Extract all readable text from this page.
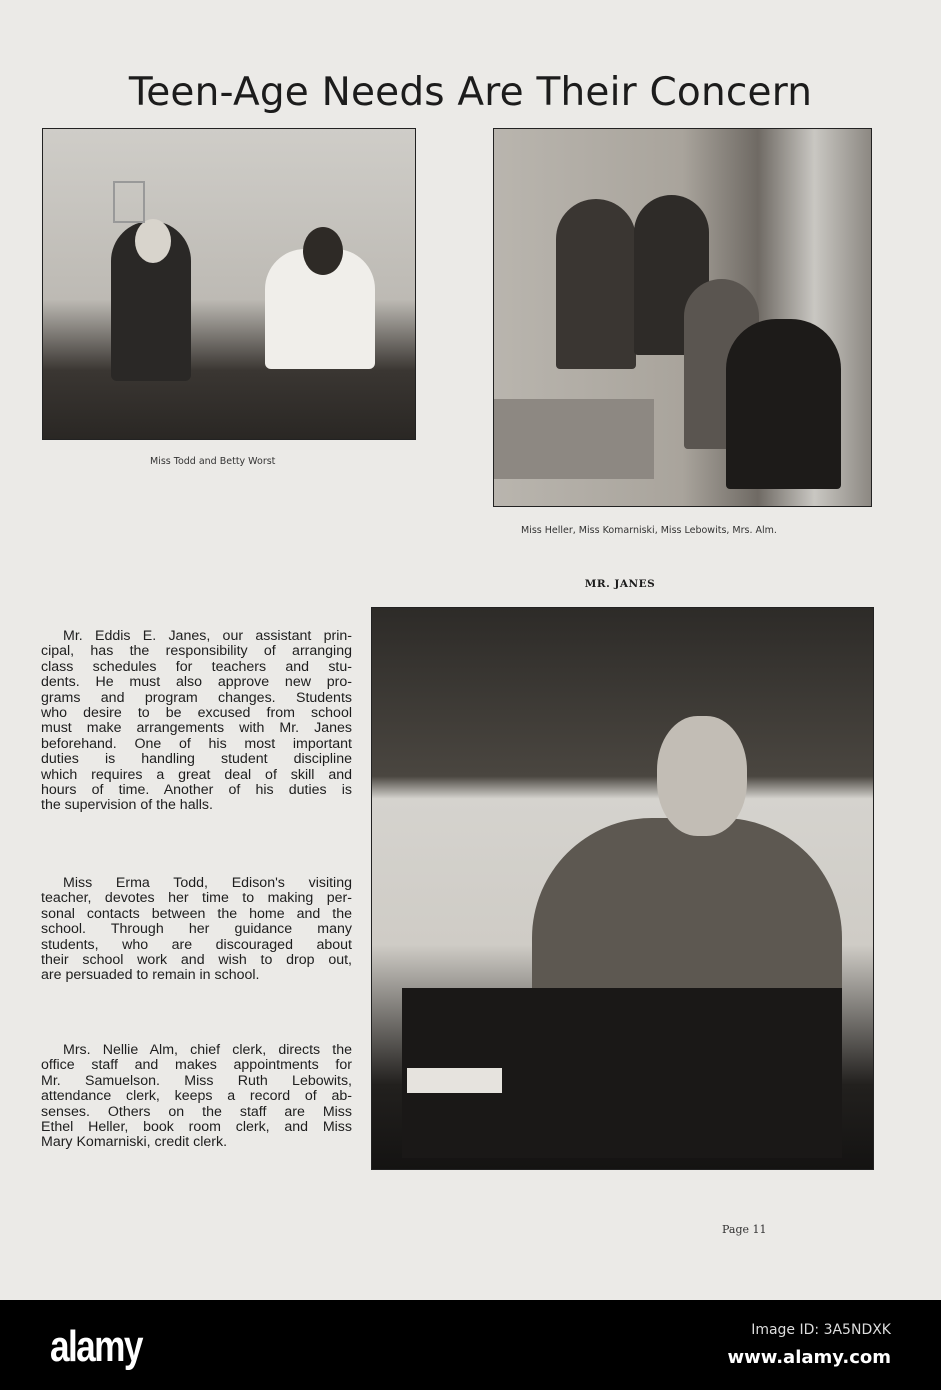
Teen-Age Needs Are Their Concern
Miss Todd and Betty Worst
Miss Heller, Miss Komarniski, Miss Lebowits, Mrs. Alm.
MR. JANES
Mr. Eddis E. Janes, our assistant prin-
cipal, has the responsibility of arranging
class schedules for teachers and stu-
dents. He must also approve new pro-
grams and program changes. Students
who desire to be excused from school
must make arrangements with Mr. Janes
beforehand. One of his most important
duties is handling student discipline
which requires a great deal of skill and
hours of time. Another of his duties is
the supervision of the halls.
Miss Erma Todd, Edison's visiting
teacher, devotes her time to making per-
sonal contacts between the home and the
school. Through her guidance many
students, who are discouraged about
their school work and wish to drop out,
are persuaded to remain in school.
Mrs. Nellie Alm, chief clerk, directs the
office staff and makes appointments for
Mr. Samuelson. Miss Ruth Lebowits,
attendance clerk, keeps a record of ab-
senses. Others on the staff are Miss
Ethel Heller, book room clerk, and Miss
Mary Komarniski, credit clerk.
Page 11
alamy	Image ID: 3A5NDXK
www.alamy.com
